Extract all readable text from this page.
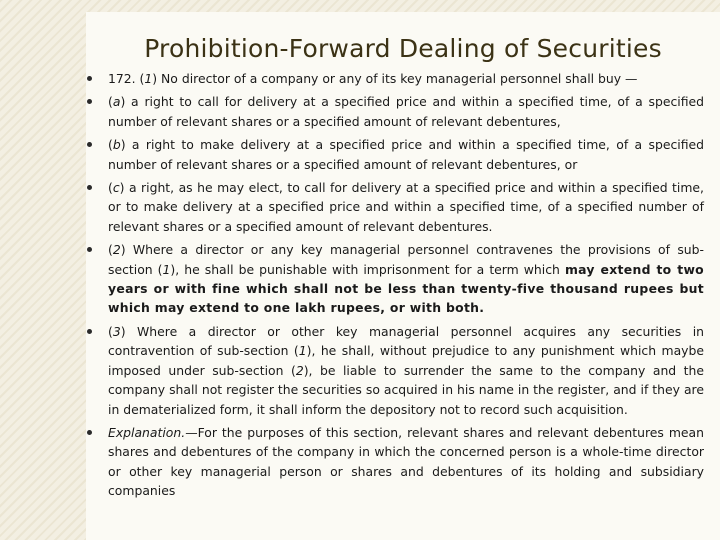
Prohibition-Forward Dealing of Securities
172. (1) No director of a company or any of its key managerial personnel shall buy —
(a) a right to call for delivery at a specified price and within a specified time, of a specified number of relevant shares or a specified amount of relevant debentures,
(b) a right to make delivery at a specified price and within a specified time, of a specified number of relevant shares or a specified amount of relevant debentures, or
(c) a right, as he may elect, to call for delivery at a specified price and within a specified time, or to make delivery at a specified price and within a specified time, of a specified number of relevant shares or a specified amount of relevant debentures.
(2) Where a director or any key managerial personnel contravenes the provisions of sub-section (1), he shall be punishable with imprisonment for a term which may extend to two years or with fine which shall not be less than twenty-five thousand rupees but which may extend to one lakh rupees, or with both.
(3) Where a director or other key managerial personnel acquires any securities in contravention of sub-section (1), he shall, without prejudice to any punishment which maybe imposed under sub-section (2), be liable to surrender the same to the company and the company shall not register the securities so acquired in his name in the register, and if they are in dematerialized form, it shall inform the depository not to record such acquisition.
Explanation.—For the purposes of this section, relevant shares and relevant debentures mean shares and debentures of the company in which the concerned person is a whole-time director or other key managerial person or shares and debentures of its holding and subsidiary companies
